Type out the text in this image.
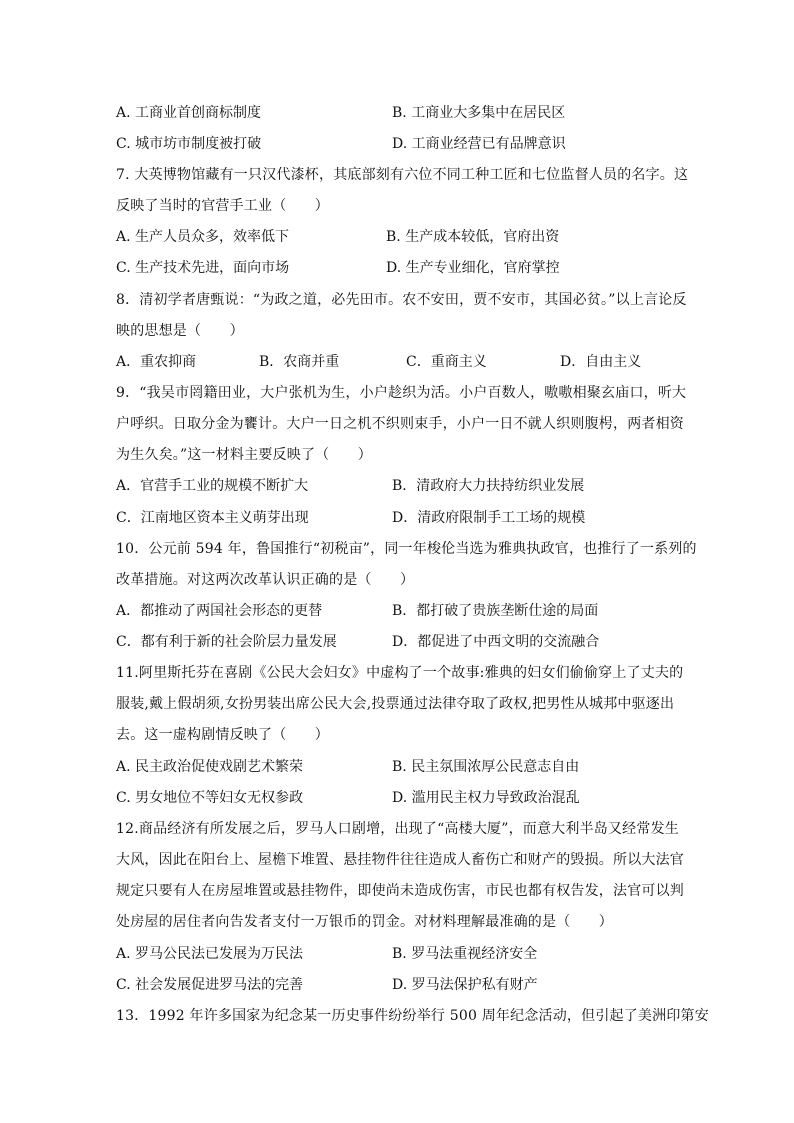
A. 工商业首创商标制度	B. 工商业大多集中在居民区
C. 城市坊市制度被打破	D. 工商业经营已有品牌意识
7. 大英博物馆藏有一只汉代漆杯，其底部刻有六位不同工种工匠和七位监督人员的名字。这
反映了当时的官营手工业（　　）
A. 生产人员众多，效率低下	B. 生产成本较低，官府出资
C. 生产技术先进，面向市场	D. 生产专业细化，官府掌控
8．清初学者唐甄说：“为政之道，必先田市。农不安田，贾不安市，其国必贫。”以上言论反
映的思想是（　　）
A．重农抑商	B．农商并重	C．重商主义	D．自由主义
9．“我吴市罔籍田业，大户张机为生，小户趁织为活。小户百数人，嗷嗷相聚玄庙口，听大
户呼织。日取分金为饔计。大户一日之机不织则束手，小户一日不就人织则腹枵，两者相资
为生久矣。”这一材料主要反映了（　　）
A．官营手工业的规模不断扩大	B．清政府大力扶持纺织业发展
C．江南地区资本主义萌芽出现	D．清政府限制手工工场的规模
10．公元前 594 年，鲁国推行“初税亩”，同一年梭伦当选为雅典执政官，也推行了一系列的
改革措施。对这两次改革认识正确的是（　　）
A．都推动了两国社会形态的更替	B．都打破了贵族垄断仕途的局面
C．都有利于新的社会阶层力量发展	D．都促进了中西文明的交流融合
11.阿里斯托芬在喜剧《公民大会妇女》中虚构了一个故事:雅典的妇女们偷偷穿上了丈夫的
服装,戴上假胡须,女扮男装出席公民大会,投票通过法律夺取了政权,把男性从城邦中驱逐出
去。这一虚构剧情反映了（　　）
A. 民主政治促使戏剧艺术繁荣	B. 民主氛围浓厚公民意志自由
C. 男女地位不等妇女无权参政	D. 滥用民主权力导致政治混乱
12.商品经济有所发展之后，罗马人口剧增，出现了“高楼大厦”，而意大利半岛又经常发生
大风，因此在阳台上、屋檐下堆置、悬挂物件往往造成人畜伤亡和财产的毁损。所以大法官
规定只要有人在房屋堆置或悬挂物件，即使尚未造成伤害，市民也都有权告发，法官可以判
处房屋的居住者向告发者支付一万银币的罚金。对材料理解最准确的是（　　）
A. 罗马公民法已发展为万民法	B. 罗马法重视经济安全
C. 社会发展促进罗马法的完善	D. 罗马法保护私有财产
13．1992 年许多国家为纪念某一历史事件纷纷举行 500 周年纪念活动，但引起了美洲印第安
